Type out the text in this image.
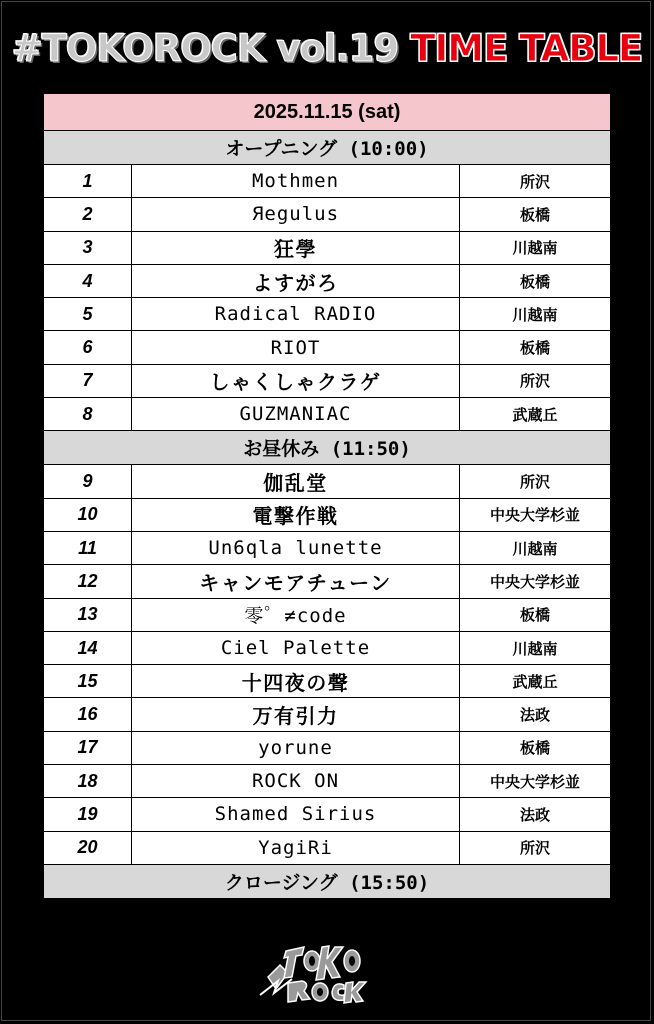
#TOKOROCK vol.19 TIME TABLE
2025.11.15 (sat)		
オープニング (10:00)		
1	Mothmen	所沢
2	Яegulus	板橋
3	狂學	川越南
4	よすがろ	板橋
5	Radical RADIO	川越南
6	RIOT	板橋
7	しゃくしゃクラゲ	所沢
8	GUZMANIAC	武蔵丘
お昼休み (11:50)		
9	伽乱堂	所沢
10	電撃作戦	中央大学杉並
11	Un6qla lunette	川越南
12	キャンモアチューン	中央大学杉並
13	零゜≠code	板橋
14	Ciel Palette	川越南
15	十四夜の聲	武蔵丘
16	万有引力	法政
17	yorune	板橋
18	ROCK ON	中央大学杉並
19	Shamed Sirius	法政
20	YagiRi	所沢
クロージング (15:50)		
